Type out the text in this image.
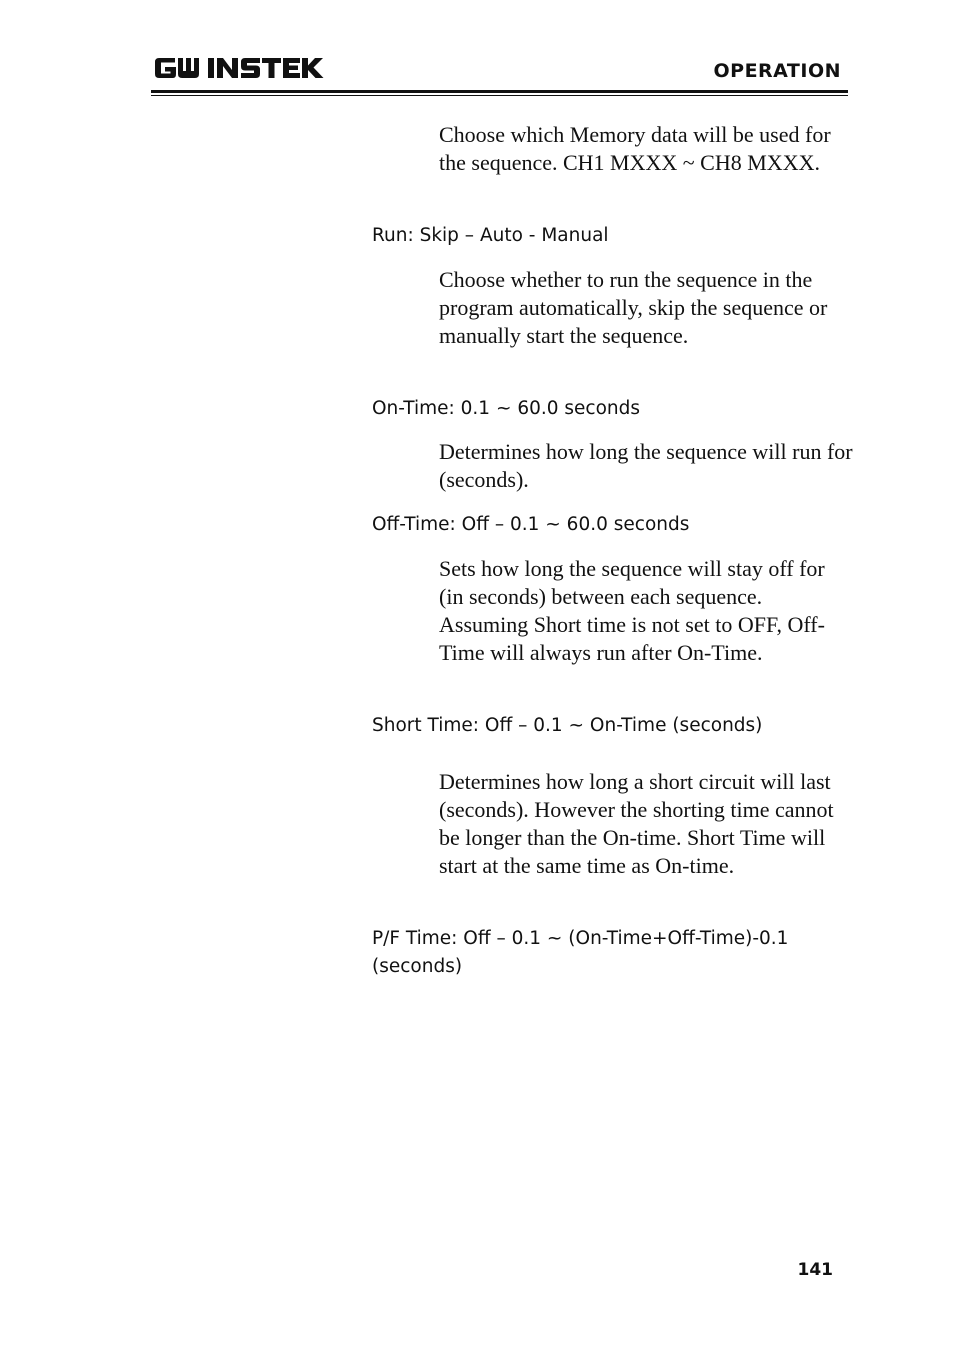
OPERATION
Choose which Memory data will be used for the sequence. CH1 MXXX ~ CH8 MXXX.
Run: Skip – Auto - Manual
Choose whether to run the sequence in the program automatically, skip the sequence or manually start the sequence.
On-Time: 0.1 ~ 60.0 seconds
Determines how long the sequence will run for (seconds).
Off-Time: Off – 0.1 ~ 60.0 seconds
Sets how long the sequence will stay off for (in seconds) between each sequence. Assuming Short time is not set to OFF, Off-Time will always run after On-Time.
Short Time: Off – 0.1 ~ On-Time (seconds)
Determines how long a short circuit will last (seconds). However the shorting time cannot be longer than the On-time. Short Time will start at the same time as On-time.
P/F Time: Off – 0.1 ~ (On-Time+Off-Time)-0.1 (seconds)
141
